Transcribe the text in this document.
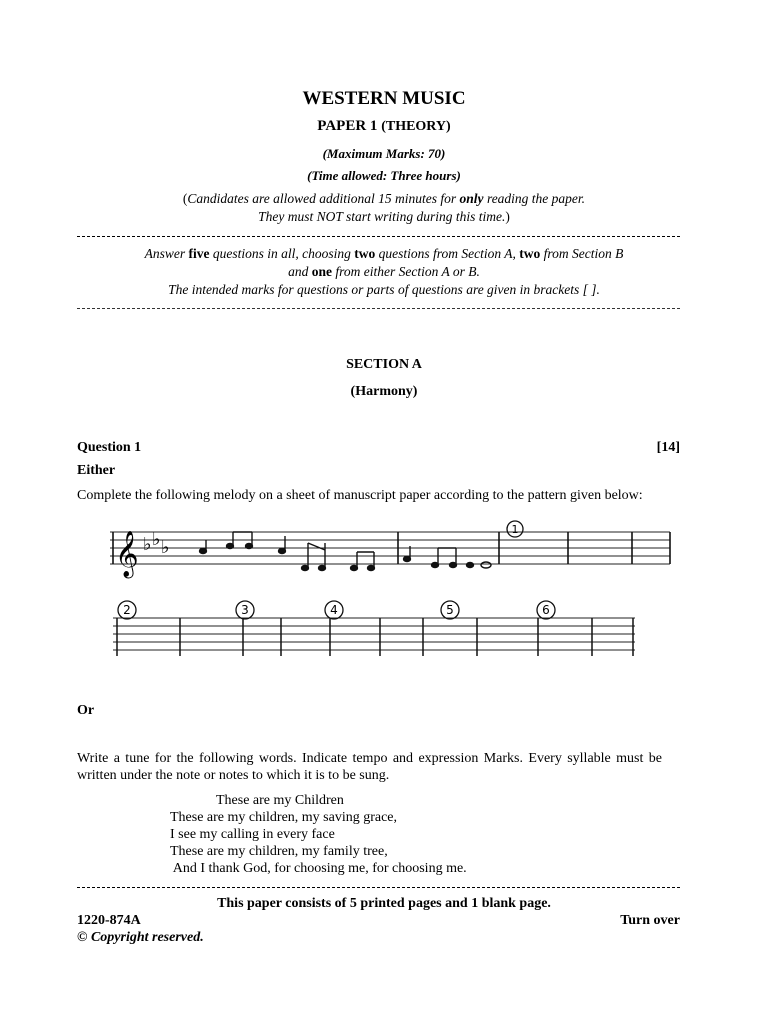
WESTERN MUSIC
PAPER 1 (THEORY)
(Maximum Marks: 70)
(Time allowed: Three hours)
(Candidates are allowed additional 15 minutes for only reading the paper.
They must NOT start writing during this time.)
Answer five questions in all, choosing two questions from Section A, two from Section B
and one from either Section A or B.
The intended marks for questions or parts of questions are given in brackets [ ].
SECTION A
(Harmony)
Question 1	[14]
Either
Complete the following melody on a sheet of manuscript paper according to the pattern given below:
𝄞 ♭ ♭ ♭
1
2	3	4	5	6
Or
Write a tune for the following words. Indicate tempo and expression Marks. Every syllable must be written under the note or notes to which it is to be sung.
These are my Children
These are my children, my saving grace,
I see my calling in every face
These are my children, my family tree,
And I thank God, for choosing me, for choosing me.
This paper consists of 5 printed pages and 1 blank page.
1220-874A	Turn over
© Copyright reserved.
